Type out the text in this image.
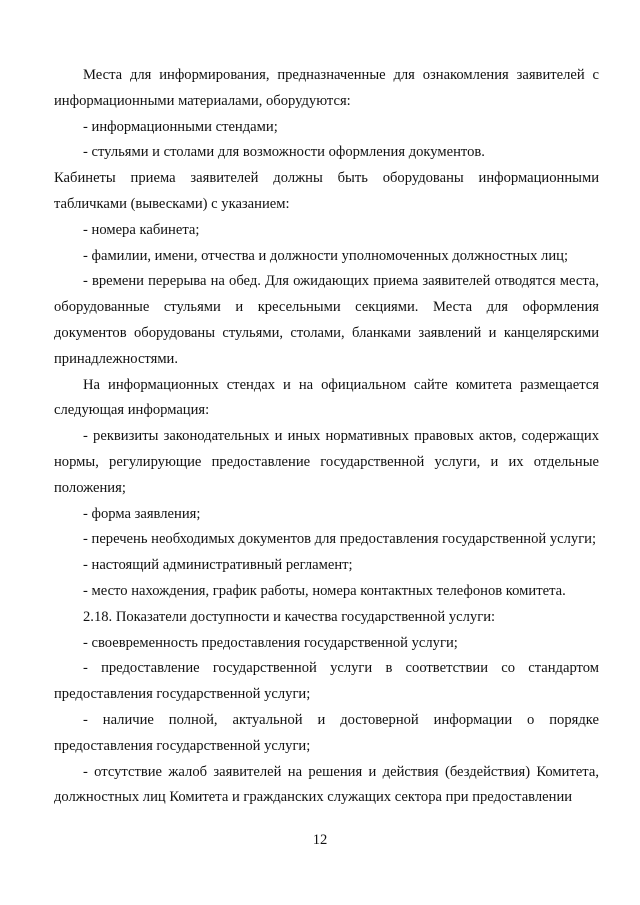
Места для информирования, предназначенные для ознакомления заявителей с информационными материалами, оборудуются:

- информационными стендами;

- стульями и столами для возможности оформления документов.

Кабинеты приема заявителей должны быть оборудованы информационными табличками (вывесками) с указанием:

- номера кабинета;

- фамилии, имени, отчества и должности уполномоченных должностных лиц;

- времени перерыва на обед. Для ожидающих приема заявителей отводятся места, оборудованные стульями и кресельными секциями. Места для оформления документов оборудованы стульями, столами, бланками заявлений и канцелярскими принадлежностями.

На информационных стендах и на официальном сайте комитета размещается следующая информация:

- реквизиты законодательных и иных нормативных правовых актов, содержащих нормы, регулирующие предоставление государственной услуги, и их отдельные положения;

- форма заявления;

- перечень необходимых документов для предоставления государственной услуги;

- настоящий административный регламент;

- место нахождения, график работы, номера контактных телефонов комитета.

2.18. Показатели доступности и качества государственной услуги:

- своевременность предоставления государственной услуги;

- предоставление государственной услуги в соответствии со стандартом предоставления государственной услуги;

- наличие полной, актуальной и достоверной информации о порядке предоставления государственной услуги;

- отсутствие жалоб заявителей на решения и действия (бездействия) Комитета, должностных лиц Комитета и гражданских служащих сектора при предоставлении

12
